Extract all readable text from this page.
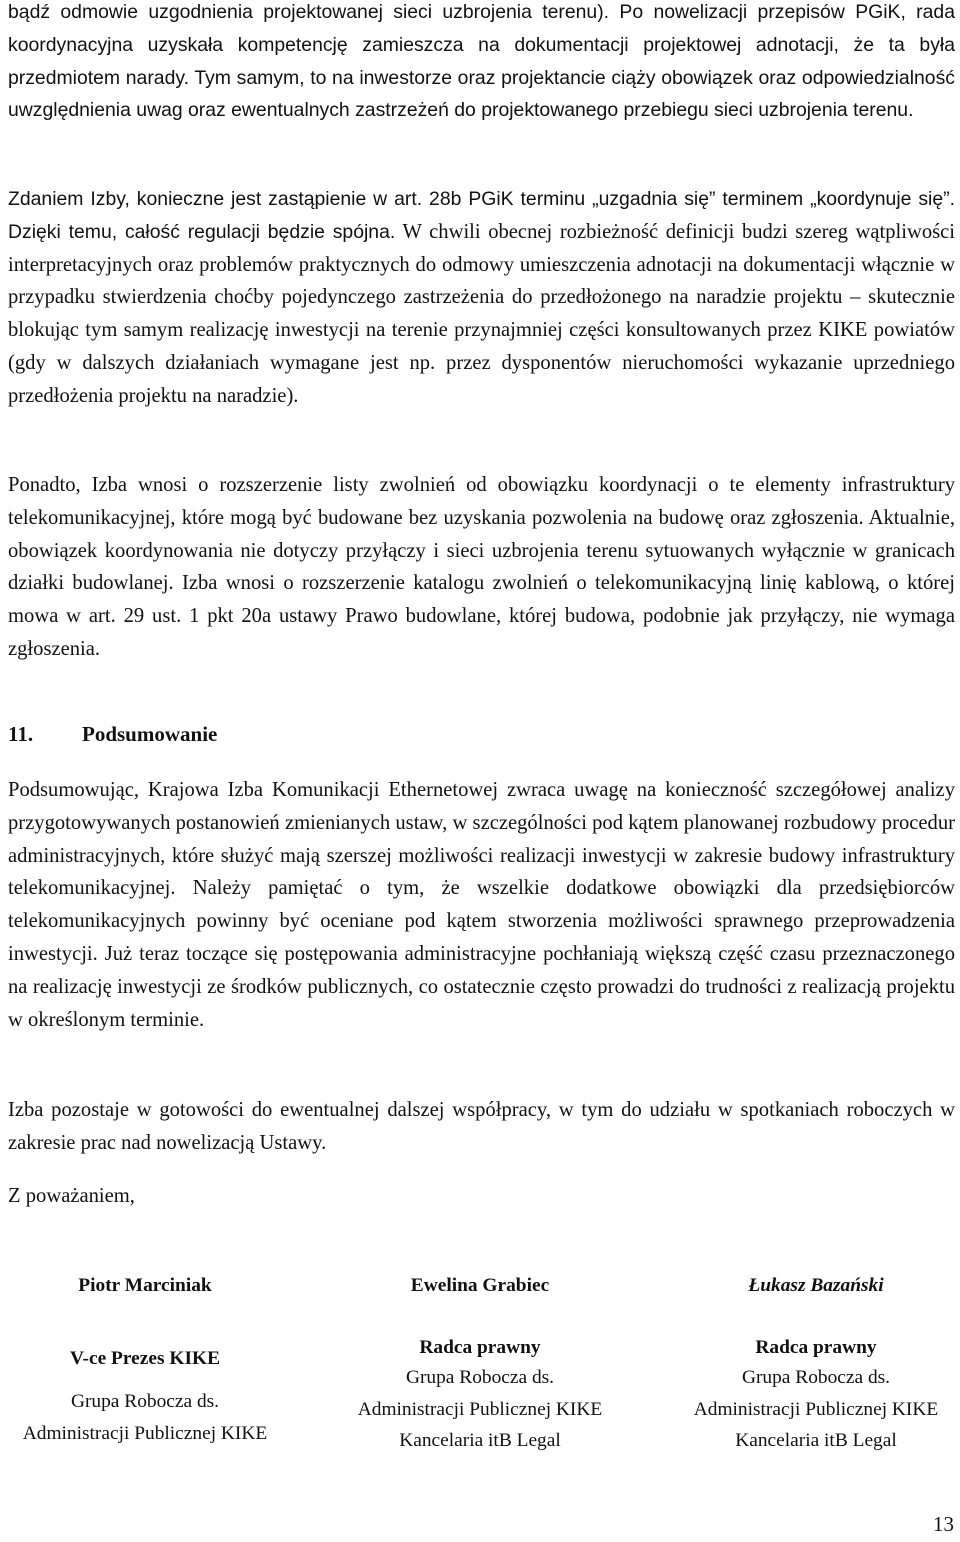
bądź odmowie uzgodnienia projektowanej sieci uzbrojenia terenu). Po nowelizacji przepisów PGiK, rada koordynacyjna uzyskała kompetencję zamieszcza na dokumentacji projektowej adnotacji, że ta była przedmiotem narady. Tym samym, to na inwestorze oraz projektancie ciąży obowiązek oraz odpowiedzialność uwzględnienia uwag oraz ewentualnych zastrzeżeń do projektowanego przebiegu sieci uzbrojenia terenu.

Zdaniem Izby, konieczne jest zastąpienie w art. 28b PGiK terminu „uzgadnia się” terminem „koordynuje się”. Dzięki temu, całość regulacji będzie spójna. W chwili obecnej rozbieżność definicji budzi szereg wątpliwości interpretacyjnych oraz problemów praktycznych do odmowy umieszczenia adnotacji na dokumentacji włącznie w przypadku stwierdzenia choćby pojedynczego zastrzeżenia do przedłożonego na naradzie projektu – skutecznie blokując tym samym realizację inwestycji na terenie przynajmniej części konsultowanych przez KIKE powiatów (gdy w dalszych działaniach wymagane jest np. przez dysponentów nieruchomości wykazanie uprzedniego przedłożenia projektu na naradzie).

Ponadto, Izba wnosi o rozszerzenie listy zwolnień od obowiązku koordynacji o te elementy infrastruktury telekomunikacyjnej, które mogą być budowane bez uzyskania pozwolenia na budowę oraz zgłoszenia. Aktualnie, obowiązek koordynowania nie dotyczy przyłączy i sieci uzbrojenia terenu sytuowanych wyłącznie w granicach działki budowlanej. Izba wnosi o rozszerzenie katalogu zwolnień o telekomunikacyjną linię kablową, o której mowa w art. 29 ust. 1 pkt 20a ustawy Prawo budowlane, której budowa, podobnie jak przyłączy, nie wymaga zgłoszenia.

11. Podsumowanie

Podsumowując, Krajowa Izba Komunikacji Ethernetowej zwraca uwagę na konieczność szczegółowej analizy przygotowywanych postanowień zmienianych ustaw, w szczególności pod kątem planowanej rozbudowy procedur administracyjnych, które służyć mają szerszej możliwości realizacji inwestycji w zakresie budowy infrastruktury telekomunikacyjnej. Należy pamiętać o tym, że wszelkie dodatkowe obowiązki dla przedsiębiorców telekomunikacyjnych powinny być oceniane pod kątem stworzenia możliwości sprawnego przeprowadzenia inwestycji. Już teraz toczące się postępowania administracyjne pochłaniają większą część czasu przeznaczonego na realizację inwestycji ze środków publicznych, co ostatecznie często prowadzi do trudności z realizacją projektu w określonym terminie.

Izba pozostaje w gotowości do ewentualnej dalszej współpracy, w tym do udziału w spotkaniach roboczych w zakresie prac nad nowelizacją Ustawy.

Z poważaniem,

Piotr Marciniak
V-ce Prezes KIKE
Grupa Robocza ds.
Administracji Publicznej KIKE
Ewelina Grabiec
Radca prawny
Grupa Robocza ds.
Administracji Publicznej KIKE
Kancelaria itB Legal
Łukasz Bazański
Radca prawny
Grupa Robocza ds.
Administracji Publicznej KIKE
Kancelaria itB Legal
13
